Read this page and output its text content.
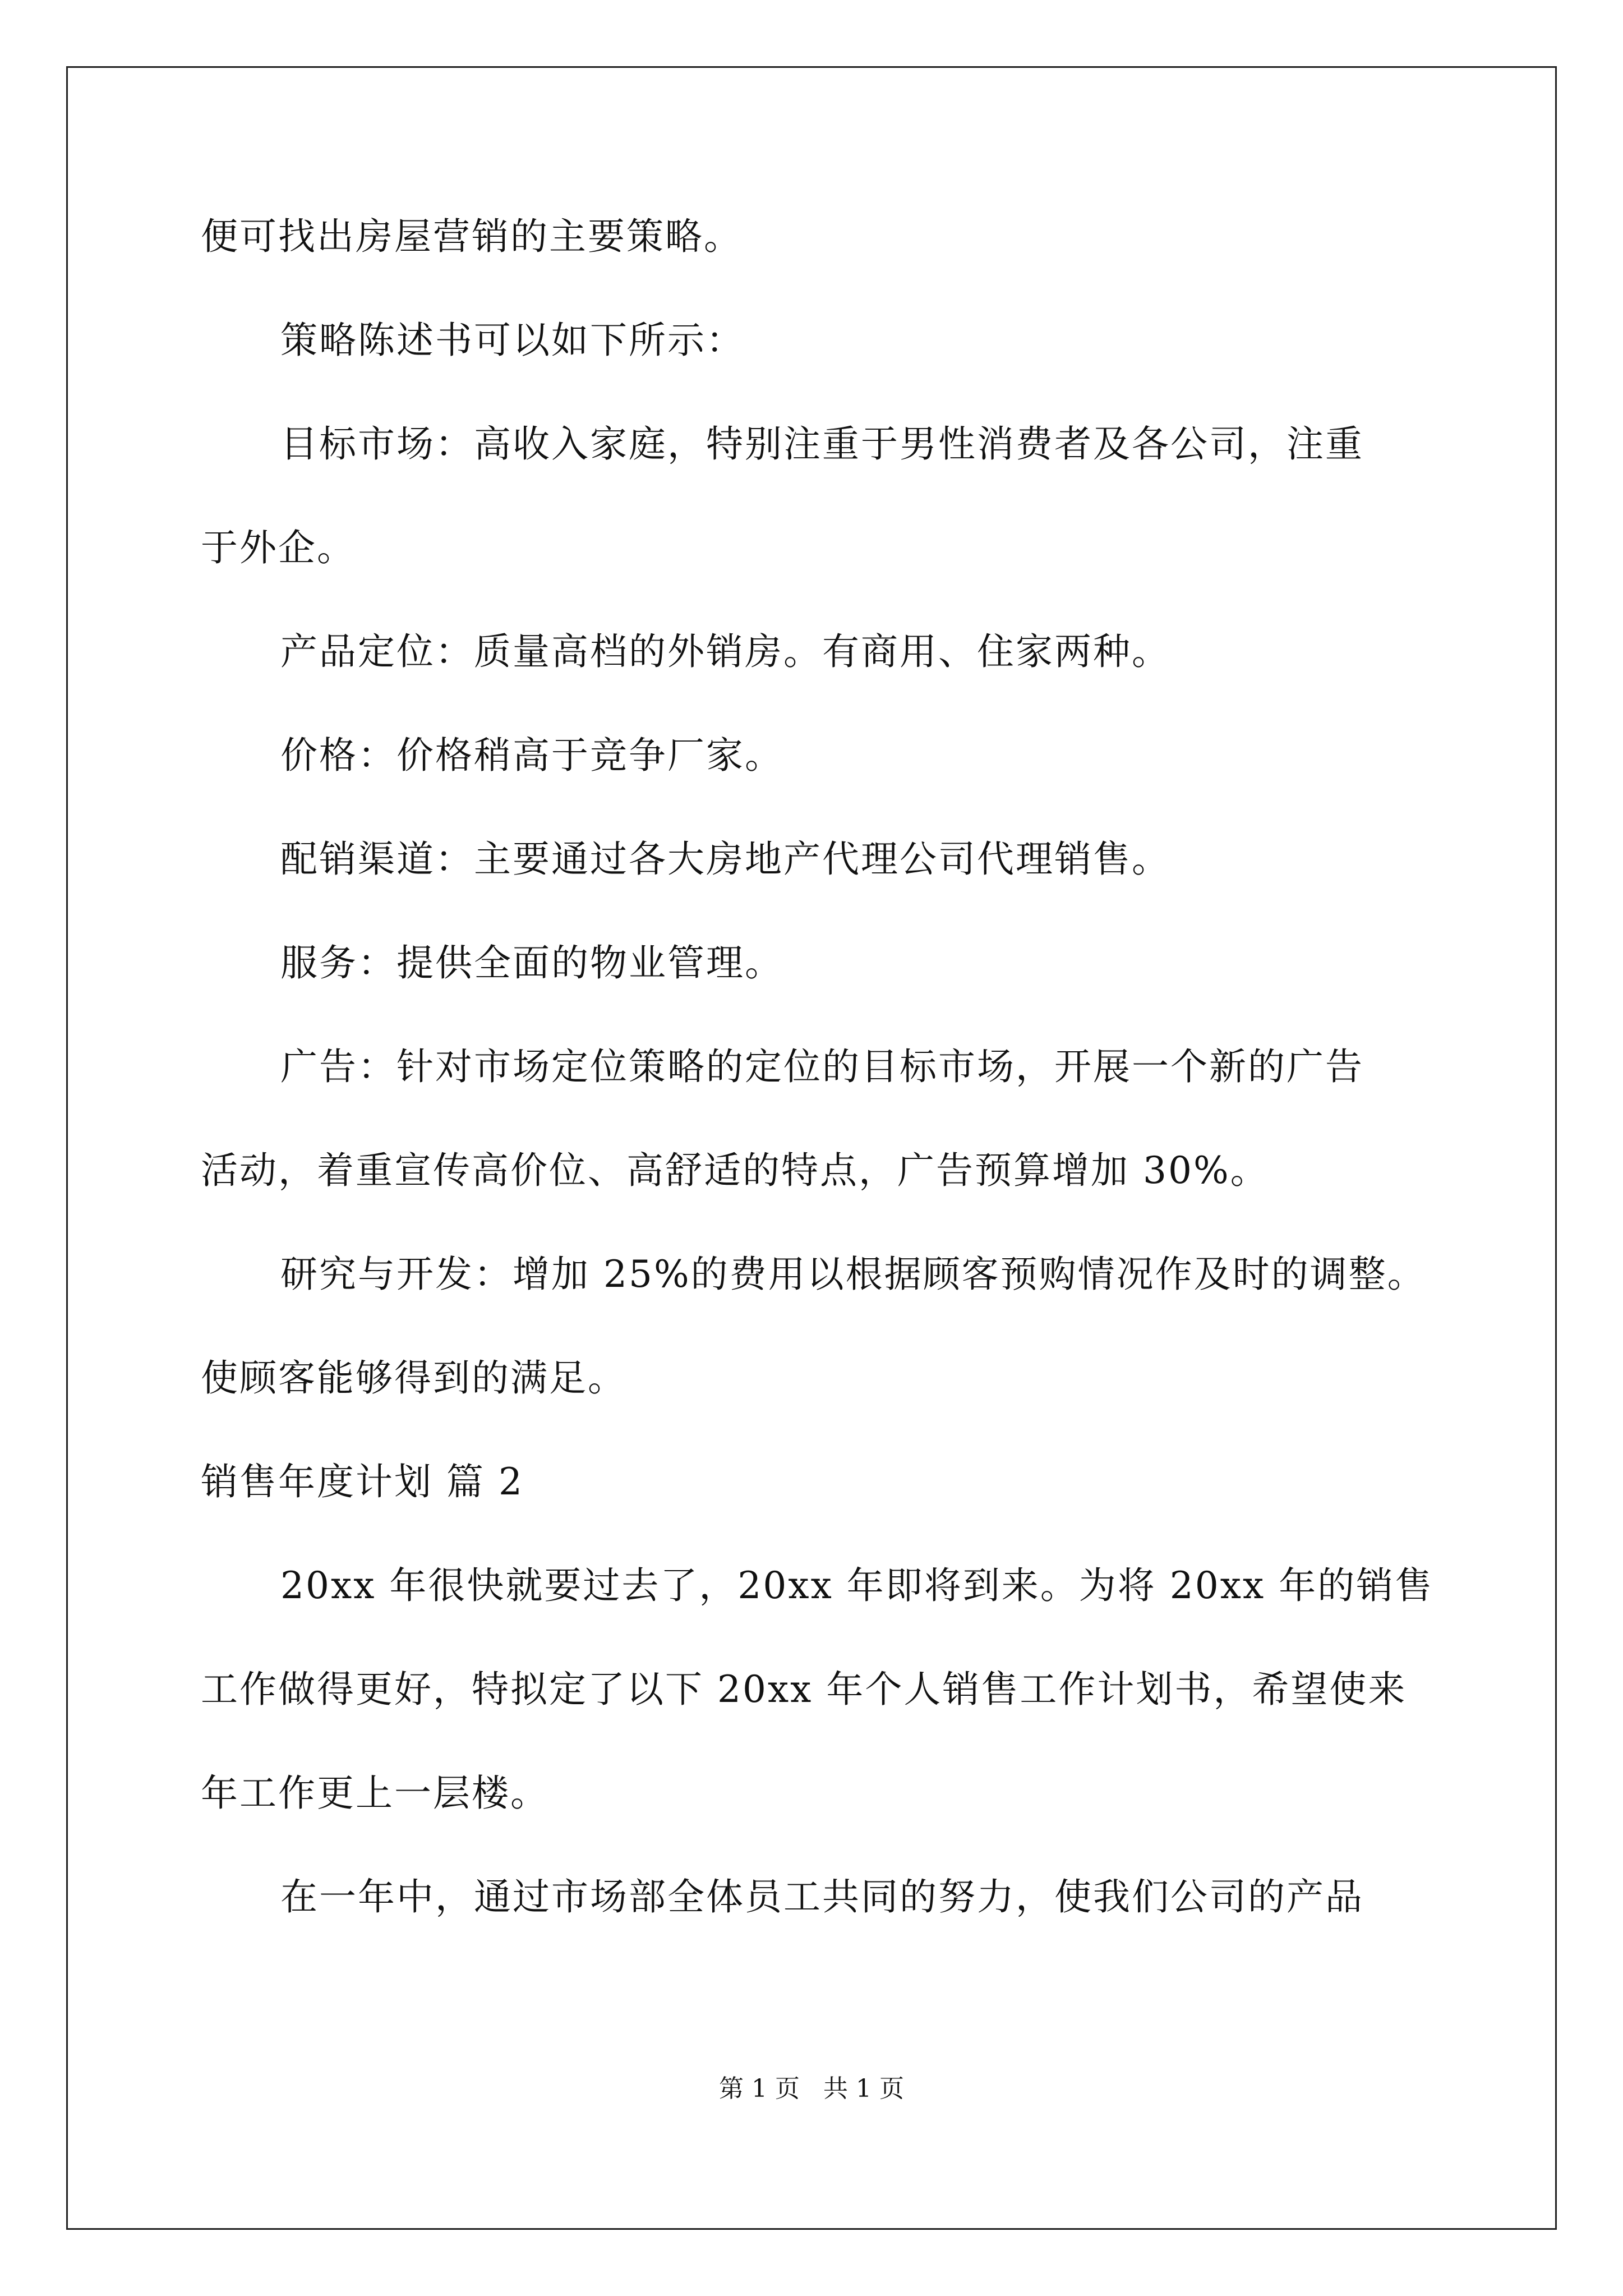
便可找出房屋营销的主要策略。
策略陈述书可以如下所示：
目标市场：高收入家庭，特别注重于男性消费者及各公司，注重
于外企。
产品定位：质量高档的外销房。有商用、住家两种。
价格：价格稍高于竞争厂家。
配销渠道：主要通过各大房地产代理公司代理销售。
服务：提供全面的物业管理。
广告：针对市场定位策略的定位的目标市场，开展一个新的广告
活动，着重宣传高价位、高舒适的特点，广告预算增加 30%。
研究与开发：增加 25%的费用以根据顾客预购情况作及时的调整。
使顾客能够得到的满足。
销售年度计划 篇 2
20xx 年很快就要过去了，20xx 年即将到来。为将 20xx 年的销售
工作做得更好，特拟定了以下 20xx 年个人销售工作计划书，希望使来
年工作更上一层楼。
在一年中，通过市场部全体员工共同的努力，使我们公司的产品
第 1 页   共 1 页
